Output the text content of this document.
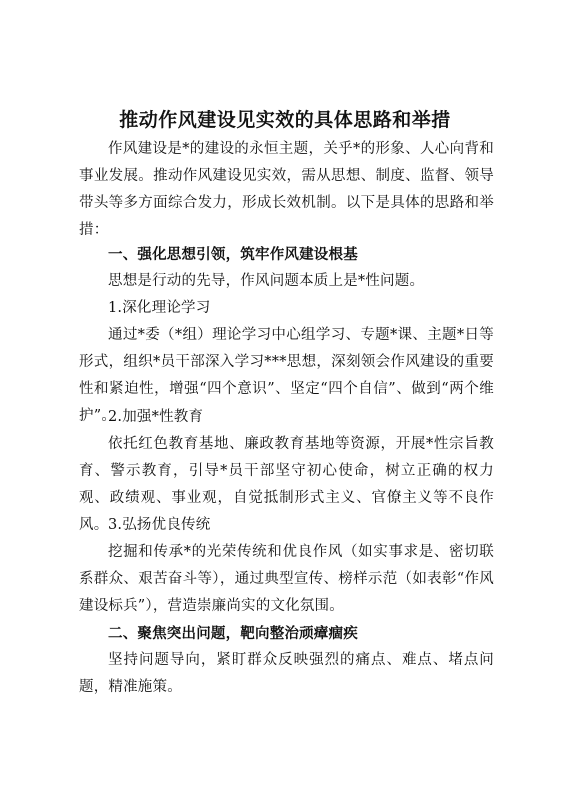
推动作风建设见实效的具体思路和举措

作风建设是*的建设的永恒主题，关乎*的形象、人心向背和事业发展。推动作风建设见实效，需从思想、制度、监督、领导带头等多方面综合发力，形成长效机制。以下是具体的思路和举措：

一、强化思想引领，筑牢作风建设根基

思想是行动的先导，作风问题本质上是*性问题。

1.深化理论学习

通过*委（*组）理论学习中心组学习、专题*课、主题*日等形式，组织*员干部深入学习***思想，深刻领会作风建设的重要性和紧迫性，增强“四个意识”、坚定“四个自信”、做到“两个维护”。

2.加强*性教育

依托红色教育基地、廉政教育基地等资源，开展*性宗旨教育、警示教育，引导*员干部坚守初心使命，树立正确的权力观、政绩观、事业观，自觉抵制形式主义、官僚主义等不良作风。 3.弘扬优良传统

挖掘和传承*的光荣传统和优良作风（如实事求是、密切联系群众、艰苦奋斗等），通过典型宣传、榜样示范（如表彰“作风建设标兵”），营造崇廉尚实的文化氛围。

二、聚焦突出问题，靶向整治顽瘴痼疾

坚持问题导向，紧盯群众反映强烈的痛点、难点、堵点问题，精准施策。
